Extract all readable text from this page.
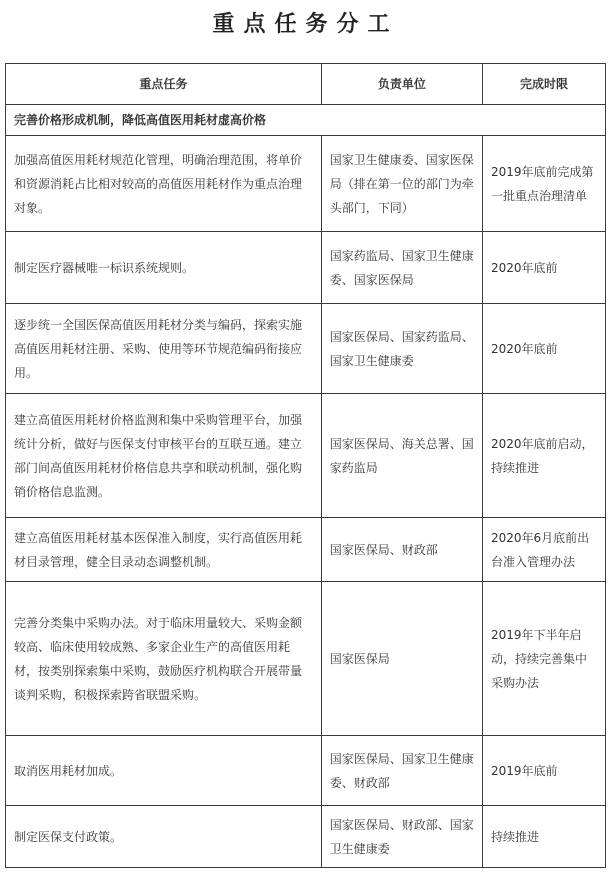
重点任务分工
重点任务	负责单位	完成时限
完善价格形成机制，降低高值医用耗材虚高价格		
加强高值医用耗材规范化管理，明确治理范围，将单价和资源消耗占比相对较高的高值医用耗材作为重点治理对象。	国家卫生健康委、国家医保局（排在第一位的部门为牵头部门，下同）	2019年底前完成第一批重点治理清单
制定医疗器械唯一标识系统规则。	国家药监局、国家卫生健康委、国家医保局	2020年底前
逐步统一全国医保高值医用耗材分类与编码，探索实施高值医用耗材注册、采购、使用等环节规范编码衔接应用。	国家医保局、国家药监局、国家卫生健康委	2020年底前
建立高值医用耗材价格监测和集中采购管理平台，加强统计分析，做好与医保支付审核平台的互联互通。建立部门间高值医用耗材价格信息共享和联动机制，强化购销价格信息监测。	国家医保局、海关总署、国家药监局	2020年底前启动，持续推进
建立高值医用耗材基本医保准入制度，实行高值医用耗材目录管理，健全目录动态调整机制。	国家医保局、财政部	2020年6月底前出台准入管理办法
完善分类集中采购办法。对于临床用量较大、采购金额较高、临床使用较成熟、多家企业生产的高值医用耗材，按类别探索集中采购，鼓励医疗机构联合开展带量谈判采购，积极探索跨省联盟采购。	国家医保局	2019年下半年启动，持续完善集中采购办法
取消医用耗材加成。	国家医保局、国家卫生健康委、财政部	2019年底前
制定医保支付政策。	国家医保局、财政部、国家卫生健康委	持续推进
